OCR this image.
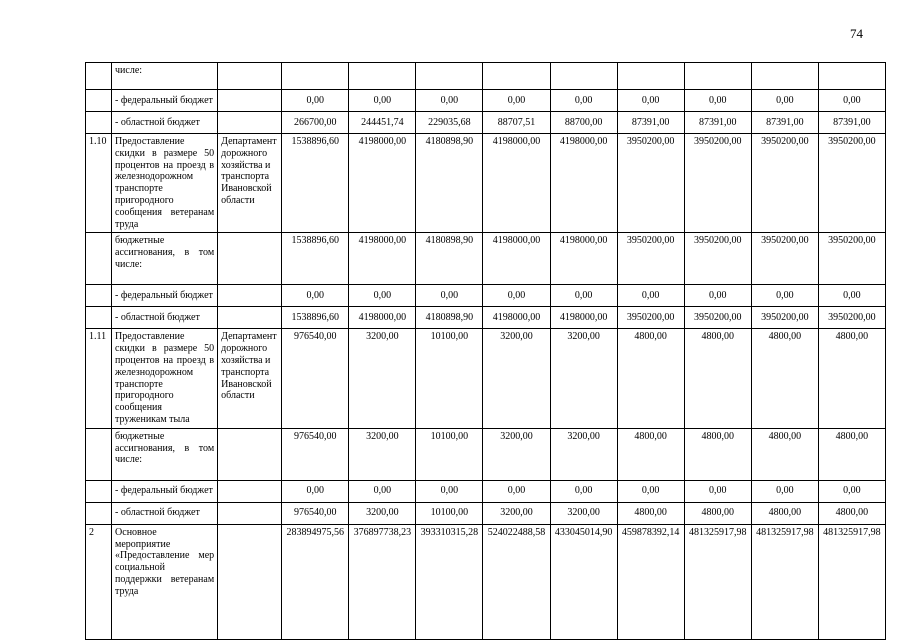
74
	числе:										
	- федеральный бюджет		0,00	0,00	0,00	0,00	0,00	0,00	0,00	0,00	0,00
	- областной бюджет		266700,00	244451,74	229035,68	88707,51	88700,00	87391,00	87391,00	87391,00	87391,00
1.10	Предоставление скидки в размере 50 процентов на проезд в железнодорожном транспорте пригородного сообщения ветеранам труда	Департамент дорожного хозяйства и транспорта Ивановской области	1538896,60	4198000,00	4180898,90	4198000,00	4198000,00	3950200,00	3950200,00	3950200,00	3950200,00
	бюджетные ассигнования, в том числе:		1538896,60	4198000,00	4180898,90	4198000,00	4198000,00	3950200,00	3950200,00	3950200,00	3950200,00
	- федеральный бюджет		0,00	0,00	0,00	0,00	0,00	0,00	0,00	0,00	0,00
	- областной бюджет		1538896,60	4198000,00	4180898,90	4198000,00	4198000,00	3950200,00	3950200,00	3950200,00	3950200,00
1.11	Предоставление скидки в размере 50 процентов на проезд в железнодорожном транспорте пригородного сообщения труженикам тыла	Департамент дорожного хозяйства и транспорта Ивановской области	976540,00	3200,00	10100,00	3200,00	3200,00	4800,00	4800,00	4800,00	4800,00
	бюджетные ассигнования, в том числе:		976540,00	3200,00	10100,00	3200,00	3200,00	4800,00	4800,00	4800,00	4800,00
	- федеральный бюджет		0,00	0,00	0,00	0,00	0,00	0,00	0,00	0,00	0,00
	- областной бюджет		976540,00	3200,00	10100,00	3200,00	3200,00	4800,00	4800,00	4800,00	4800,00
2	Основное мероприятие «Предоставление мер социальной поддержки ветеранам труда		283894975,56	376897738,23	393310315,28	524022488,58	433045014,90	459878392,14	481325917,98	481325917,98	481325917,98
